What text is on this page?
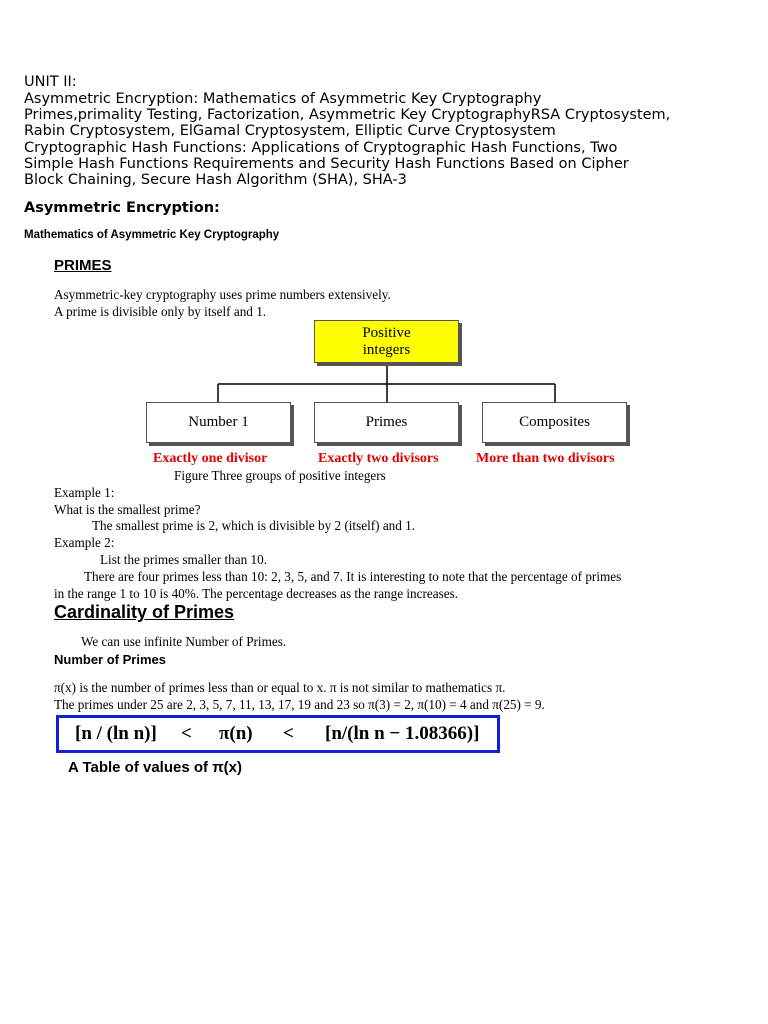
UNIT II:
Asymmetric Encryption: Mathematics of Asymmetric Key Cryptography
Primes,primality Testing, Factorization, Asymmetric Key CryptographyRSA Cryptosystem,
Rabin Cryptosystem, ElGamal Cryptosystem, Elliptic Curve Cryptosystem
Cryptographic Hash Functions: Applications of Cryptographic Hash Functions, Two
Simple Hash Functions Requirements and Security Hash Functions Based on Cipher
Block Chaining, Secure Hash Algorithm (SHA), SHA-3
Asymmetric Encryption:
Mathematics of Asymmetric Key Cryptography
PRIMES
Asymmetric-key cryptography uses prime numbers extensively.
A prime is divisible only by itself and 1.
Positive
integers
Number 1	Primes	Composites
Exactly one divisor	Exactly two divisors	More than two divisors
Figure Three groups of positive integers
Example 1:
What is the smallest prime?
The smallest prime is 2, which is divisible by 2 (itself) and 1.
Example 2:
List the primes smaller than 10.
There are four primes less than 10: 2, 3, 5, and 7. It is interesting to note that the percentage of primes
in the range 1 to 10 is 40%. The percentage decreases as the range increases.
Cardinality of Primes
We can use infinite Number of Primes.
Number of Primes
π(x) is the number of primes less than or equal to x. π is not similar to mathematics π.
The primes under 25 are 2, 3, 5, 7, 11, 13, 17, 19 and 23 so π(3) = 2, π(10) = 4 and π(25) = 9.
[n / (ln n)] < π(n) < [n/(ln n − 1.08366)]
A Table of values of π(x)
